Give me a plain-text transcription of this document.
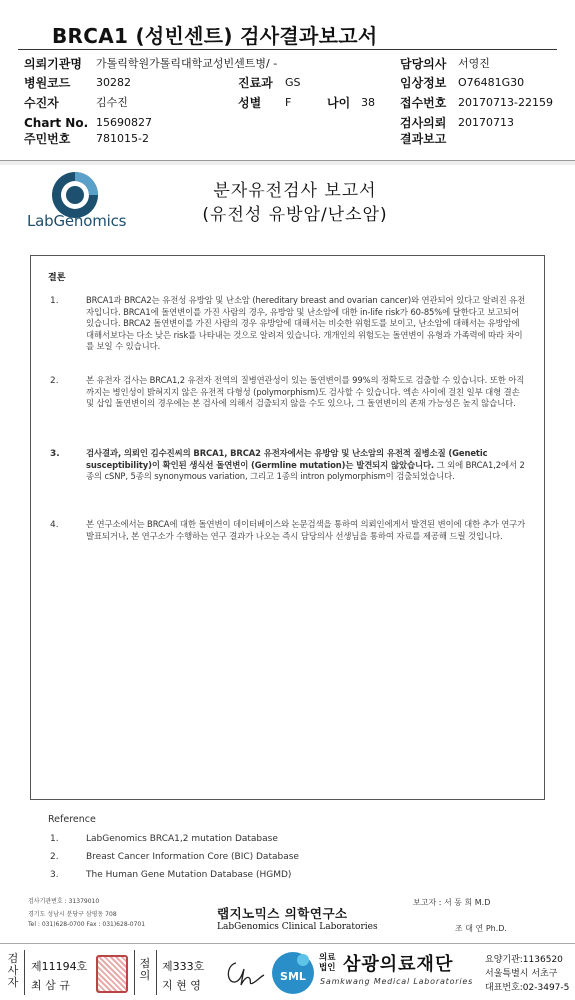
BRCA1 (성빈센트) 검사결과보고서
의뢰기관명 가톨릭학원가톨릭대학교성빈센트병/ -	담당의사 서영진
병원코드 30282	진료과 GS	임상정보 O76481G30
수진자	김수진	성별 F	나이 38 접수번호 20170713-22159
Chart No. 15690827	검사의뢰 20170713
주민번호 781015-2	결과보고
LabGenomics
분자유전검사 보고서
(유전성 유방암/난소암)
결론
1.	BRCA1과 BRCA2는 유전성 유방암 및 난소암 (hereditary breast and ovarian cancer)와 연관되어 있다고 알려진 유전자입니다. BRCA1에 돌연변이를 가진 사람의 경우, 유방암 및 난소암에 대한 in-life risk가 60-85%에 달한다고 보고되어 있습니다. BRCA2 돌연변이를 가진 사람의 경우 유방암에 대해서는 비슷한 위험도를 보이고, 난소암에 대해서는 유방암에 대해서보다는 다소 낮은 risk를 나타내는 것으로 알려져 있습니다. 개개인의 위험도는 돌연변이 유형과 가족력에 따라 차이를 보일 수 있습니다.
2.	본 유전자 검사는 BRCA1,2 유전자 전역의 질병연관성이 있는 돌연변이를 99%의 정확도로 검출할 수 있습니다. 또한 아직까지는 병인성이 밝혀지지 않은 유전적 다형성 (polymorphism)도 검사할 수 있습니다. 엑손 사이에 걸친 일부 대형 결손 및 삽입 돌연변이의 경우에는 본 검사에 의해서 검출되지 않을 수도 있으나, 그 돌연변이의 존재 가능성은 높지 않습니다.
3.	검사결과, 의뢰인 김수진씨의 BRCA1, BRCA2 유전자에서는 유방암 및 난소암의 유전적 질병소질 (Genetic susceptibility)이 확인된 생식선 돌연변이 (Germline mutation)는 발견되지 않았습니다. 그 외에 BRCA1,2에서 2종의 cSNP, 5종의 synonymous variation, 그리고 1종의 intron polymorphism이 검출되었습니다.
4.	본 연구소에서는 BRCA에 대한 돌연변이 데이터베이스와 논문검색을 통하여 의뢰인에게서 발견된 변이에 대한 추가 연구가 발표되거나, 본 연구소가 수행하는 연구 결과가 나오는 즉시 담당의사 선생님을 통하여 자료를 제공해 드릴 것입니다.
Reference
1.	LabGenomics BRCA1,2 mutation Database
2.	Breast Cancer Information Core (BIC) Database
3.	The Human Gene Mutation Database (HGMD)
검사기관번호 : 31379010
경기도 성남시 분당구 삼평동 708
Tel : 031)628-0700 Fax : 031)628-0701
랩지노믹스 의학연구소
LabGenomics Clinical Laboratories
보고자 : 서 동 희 M.D
조 대 연 Ph.D.
검사자
제11194호
최 삼 규
점의
제333호
지 현 영
SML
의료법인 삼광의료재단
Samkwang Medical Laboratories
요양기관:1136520
서울특별시 서초구
대표번호:02-3497-5
